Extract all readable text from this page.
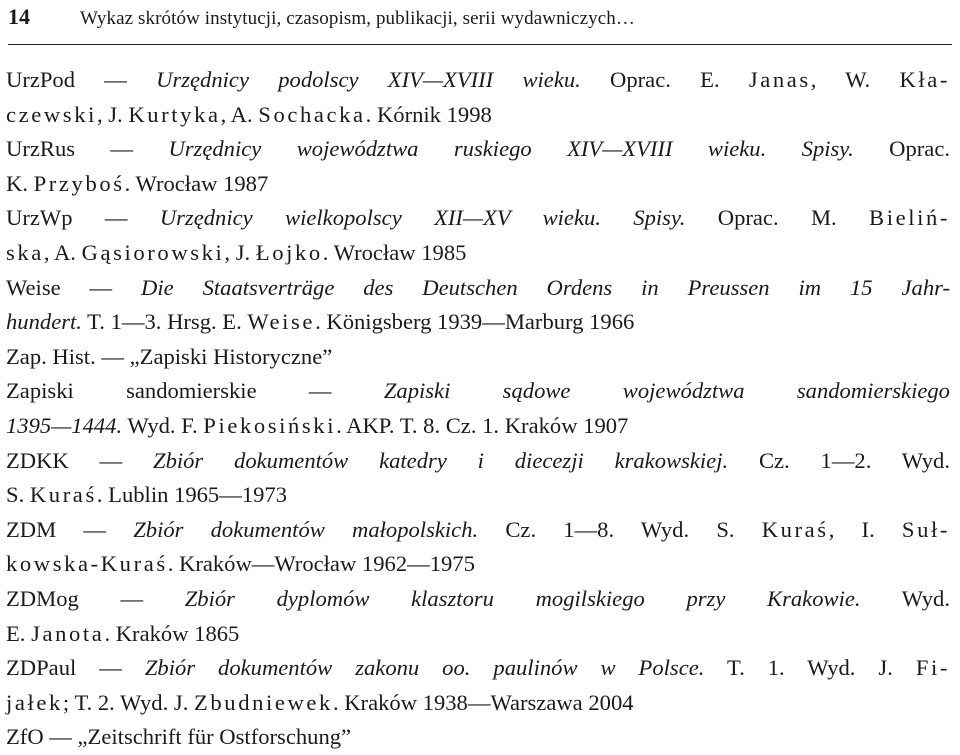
14	Wykaz skrótów instytucji, czasopism, publikacji, serii wydawniczych…
UrzPod — Urzędnicy podolscy XIV—XVIII wieku. Oprac. E. Janas, W. Kła-
czewski, J. Kurtyka, A. Sochacka. Kórnik 1998
UrzRus — Urzędnicy województwa ruskiego XIV—XVIII wieku. Spisy. Oprac.
K. Przyboś. Wrocław 1987
UrzWp — Urzędnicy wielkopolscy XII—XV wieku. Spisy. Oprac. M. Bieliń-
ska, A. Gąsiorowski, J. Łojko. Wrocław 1985
Weise — Die Staatsverträge des Deutschen Ordens in Preussen im 15 Jahr-
hundert. T. 1—3. Hrsg. E. Weise. Königsberg 1939—Marburg 1966
Zap. Hist. — „Zapiski Historyczne”
Zapiski sandomierskie — Zapiski sądowe województwa sandomierskiego
1395—1444. Wyd. F. Piekosiński. AKP. T. 8. Cz. 1. Kraków 1907
ZDKK — Zbiór dokumentów katedry i diecezji krakowskiej. Cz. 1—2. Wyd.
S. Kuraś. Lublin 1965—1973
ZDM — Zbiór dokumentów małopolskich. Cz. 1—8. Wyd. S. Kuraś, I. Suł-
kowska-Kuraś. Kraków—Wrocław 1962—1975
ZDMog — Zbiór dyplomów klasztoru mogilskiego przy Krakowie. Wyd.
E. Janota. Kraków 1865
ZDPaul — Zbiór dokumentów zakonu oo. paulinów w Polsce. T. 1. Wyd. J. Fi-
jałek; T. 2. Wyd. J. Zbudniewek. Kraków 1938—Warszawa 2004
ZfO — „Zeitschrift für Ostforschung”
